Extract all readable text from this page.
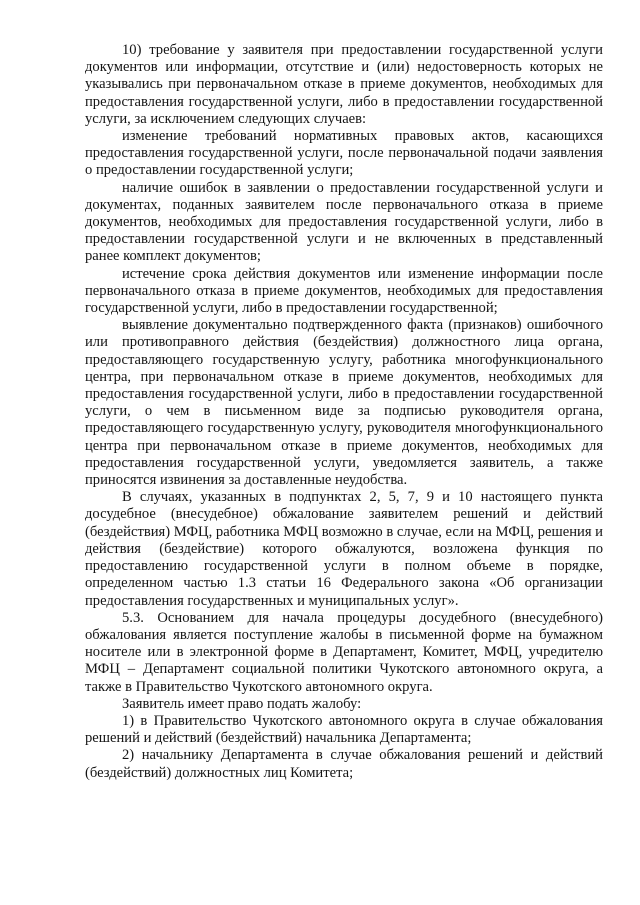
10) требование у заявителя при предоставлении государственной услуги документов или информации, отсутствие и (или) недостоверность которых не указывались при первоначальном отказе в приеме документов, необходимых для предоставления государственной услуги, либо в предоставлении государственной услуги, за исключением следующих случаев:

изменение требований нормативных правовых актов, касающихся предоставления государственной услуги, после первоначальной подачи заявления о предоставлении государственной услуги;

наличие ошибок в заявлении о предоставлении государственной услуги и документах, поданных заявителем после первоначального отказа в приеме документов, необходимых для предоставления государственной услуги, либо в предоставлении государственной услуги и не включенных в представленный ранее комплект документов;

истечение срока действия документов или изменение информации после первоначального отказа в приеме документов, необходимых для предоставления государственной услуги, либо в предоставлении государственной;

выявление документально подтвержденного факта (признаков) ошибочного или противоправного действия (бездействия) должностного лица органа, предоставляющего государственную услугу, работника многофункционального центра, при первоначальном отказе в приеме документов, необходимых для предоставления государственной услуги, либо в предоставлении государственной услуги, о чем в письменном виде за подписью руководителя органа, предоставляющего государственную услугу, руководителя многофункционального центра при первоначальном отказе в приеме документов, необходимых для предоставления государственной услуги, уведомляется заявитель, а также приносятся извинения за доставленные неудобства.

В случаях, указанных в подпунктах 2, 5, 7, 9 и 10 настоящего пункта досудебное (внесудебное) обжалование заявителем решений и действий (бездействия) МФЦ, работника МФЦ возможно в случае, если на МФЦ, решения и действия (бездействие) которого обжалуются, возложена функция по предоставлению государственной услуги в полном объеме в порядке, определенном частью 1.3 статьи 16 Федерального закона «Об организации предоставления государственных и муниципальных услуг».

5.3. Основанием для начала процедуры досудебного (внесудебного) обжалования является поступление жалобы в письменной форме на бумажном носителе или в электронной форме в Департамент, Комитет, МФЦ, учредителю МФЦ – Департамент социальной политики Чукотского автономного округа, а также в Правительство Чукотского автономного округа.

Заявитель имеет право подать жалобу:

1) в Правительство Чукотского автономного округа в случае обжалования решений и действий (бездействий) начальника Департамента;

2) начальнику Департамента в случае обжалования решений и действий (бездействий) должностных лиц Комитета;
